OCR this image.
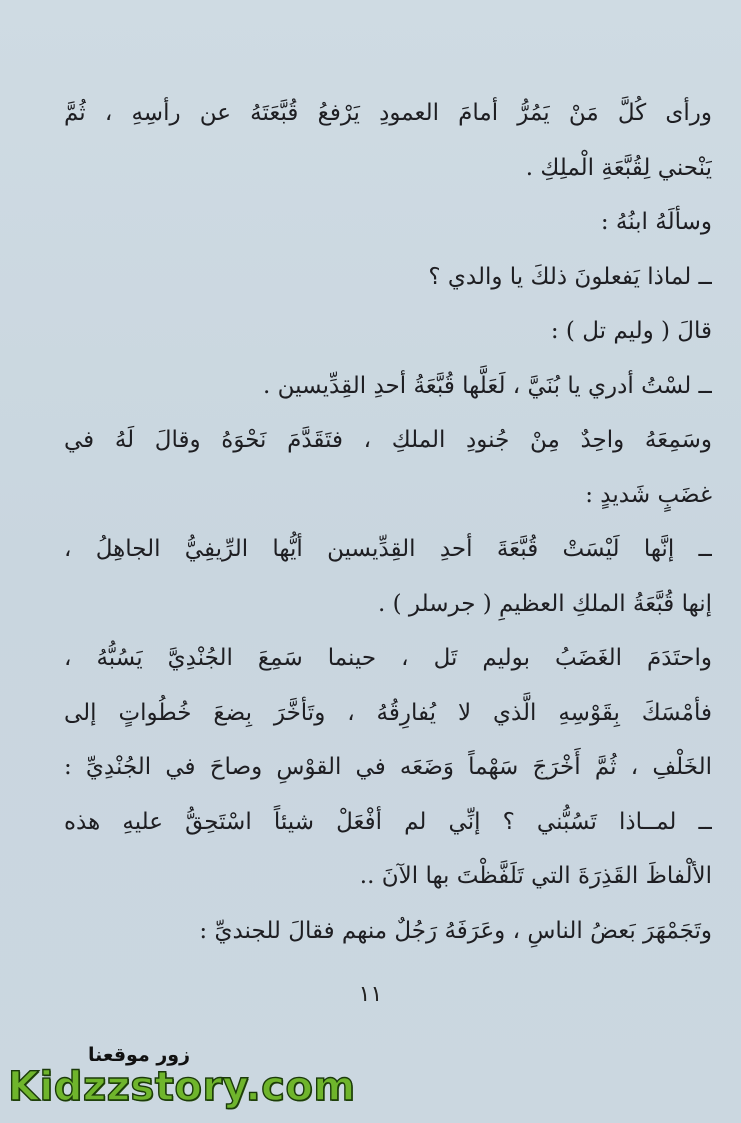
ورأى كُلَّ مَنْ يَمُرُّ أمامَ العمودِ يَرْفعُ قُبَّعَتَهُ عن رأسِهِ ، ثُمَّ
يَنْحني لِقُبَّعَةِ الْملِكِ .
وسألَهُ ابنُهُ :
ــ لماذا يَفعلونَ ذلكَ يا والدي ؟
قالَ ( وليم تل ) :
ــ لسْتُ أدري يا بُنَيَّ ، لَعَلَّها قُبَّعَةُ أحدِ القِدِّيسين .
وسَمِعَهُ واحِدٌ مِنْ جُنودِ الملكِ ، فتَقَدَّمَ نَحْوَهُ وقالَ لَهُ في
غضَبٍ شَديدٍ :
ــ إنَّها لَيْسَتْ قُبَّعَةَ أحدِ القِدِّيسين أيُّها الرِّيفِيُّ الجاهِلُ ،
إنها قُبَّعَةُ الملكِ العظيمِ ( جرسلر ) .
واحتَدَمَ الغَضَبُ بوليم تَل ، حينما سَمِعَ الجُنْدِيَّ يَسُبُّهُ ،
فأمْسَكَ بِقَوْسِهِ الَّذي لا يُفارِقُهُ ، وتَأخَّرَ بِضعَ خُطُواتٍ إلى
الخَلْفِ ، ثُمَّ أَخْرَجَ سَهْماً وَضَعَه في القوْسِ وصاحَ في الجُنْدِيِّ :
ــ لمــاذا تَسُبُّني ؟ إنِّي لم أفْعَلْ شيئاً اسْتَحِقُّ عليهِ هذه
الألْفاظَ القَذِرَةَ التي تَلَفَّظْتَ بها الآنَ ..
وتَجَمْهَرَ بَعضُ الناسِ ، وعَرَفَهُ رَجُلٌ منهم فقالَ للجنديِّ :
١١
زور موقعنا
Kidzzstory.com
